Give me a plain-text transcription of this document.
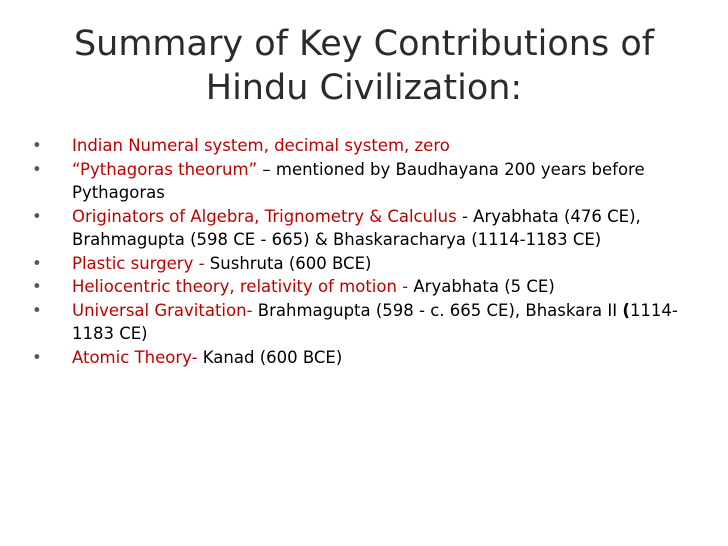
Summary of Key Contributions of
Hindu Civilization:
• Indian Numeral system, decimal system, zero
• “Pythagoras theorum” – mentioned by Baudhayana 200 years before Pythagoras
• Originators of Algebra, Trignometry & Calculus - Aryabhata (476 CE), Brahmagupta (598 CE - 665) & Bhaskaracharya (1114-1183 CE)
• Plastic surgery - Sushruta (600 BCE)
• Heliocentric theory, relativity of motion - Aryabhata (5 CE)
• Universal Gravitation- Brahmagupta (598 - c. 665 CE), Bhaskara II (1114-1183 CE)
• Atomic Theory- Kanad (600 BCE)
